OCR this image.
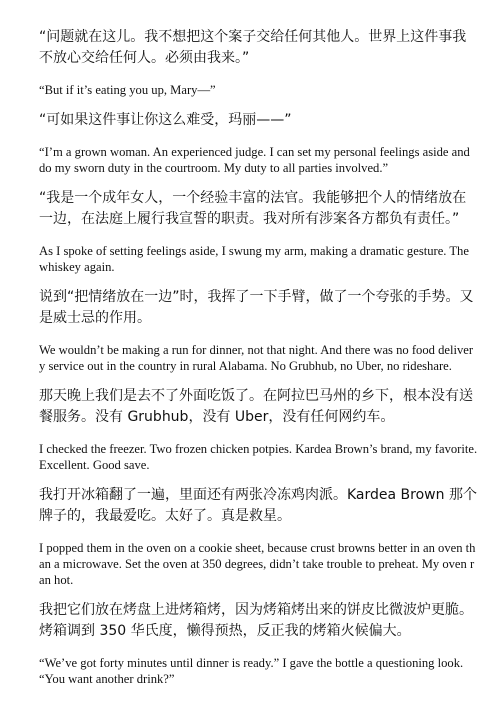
“问题就在这儿。我不想把这个案子交给任何其他人。世界上这件事我不放心交给任何人。必须由我来。”

“But if it’s eating you up, Mary—”

“可如果这件事让你这么难受，玛丽——”

“I’m a grown woman. An experienced judge. I can set my personal feelings aside and do my sworn duty in the courtroom. My duty to all parties involved.”

“我是一个成年女人，一个经验丰富的法官。我能够把个人的情绪放在一边，在法庭上履行我宣誓的职责。我对所有涉案各方都负有责任。”

As I spoke of setting feelings aside, I swung my arm, making a dramatic gesture. The whiskey again.

说到“把情绪放在一边”时，我挥了一下手臂，做了一个夸张的手势。又是威士忌的作用。

We wouldn’t be making a run for dinner, not that night. And there was no food delivery service out in the country in rural Alabama. No Grubhub, no Uber, no rideshare.

那天晚上我们是去不了外面吃饭了。在阿拉巴马州的乡下，根本没有送餐服务。没有 Grubhub，没有 Uber，没有任何网约车。

I checked the freezer. Two frozen chicken potpies. Kardea Brown’s brand, my favorite. Excellent. Good save.

我打开冰箱翻了一遍，里面还有两张冷冻鸡肉派。Kardea Brown 那个牌子的，我最爱吃。太好了。真是救星。

I popped them in the oven on a cookie sheet, because crust browns better in an oven than a microwave. Set the oven at 350 degrees, didn’t take trouble to preheat. My oven ran hot.

我把它们放在烤盘上进烤箱烤，因为烤箱烤出来的饼皮比微波炉更脆。烤箱调到 350 华氏度，懒得预热，反正我的烤箱火候偏大。

“We’ve got forty minutes until dinner is ready.” I gave the bottle a questioning look. “You want another drink?”
